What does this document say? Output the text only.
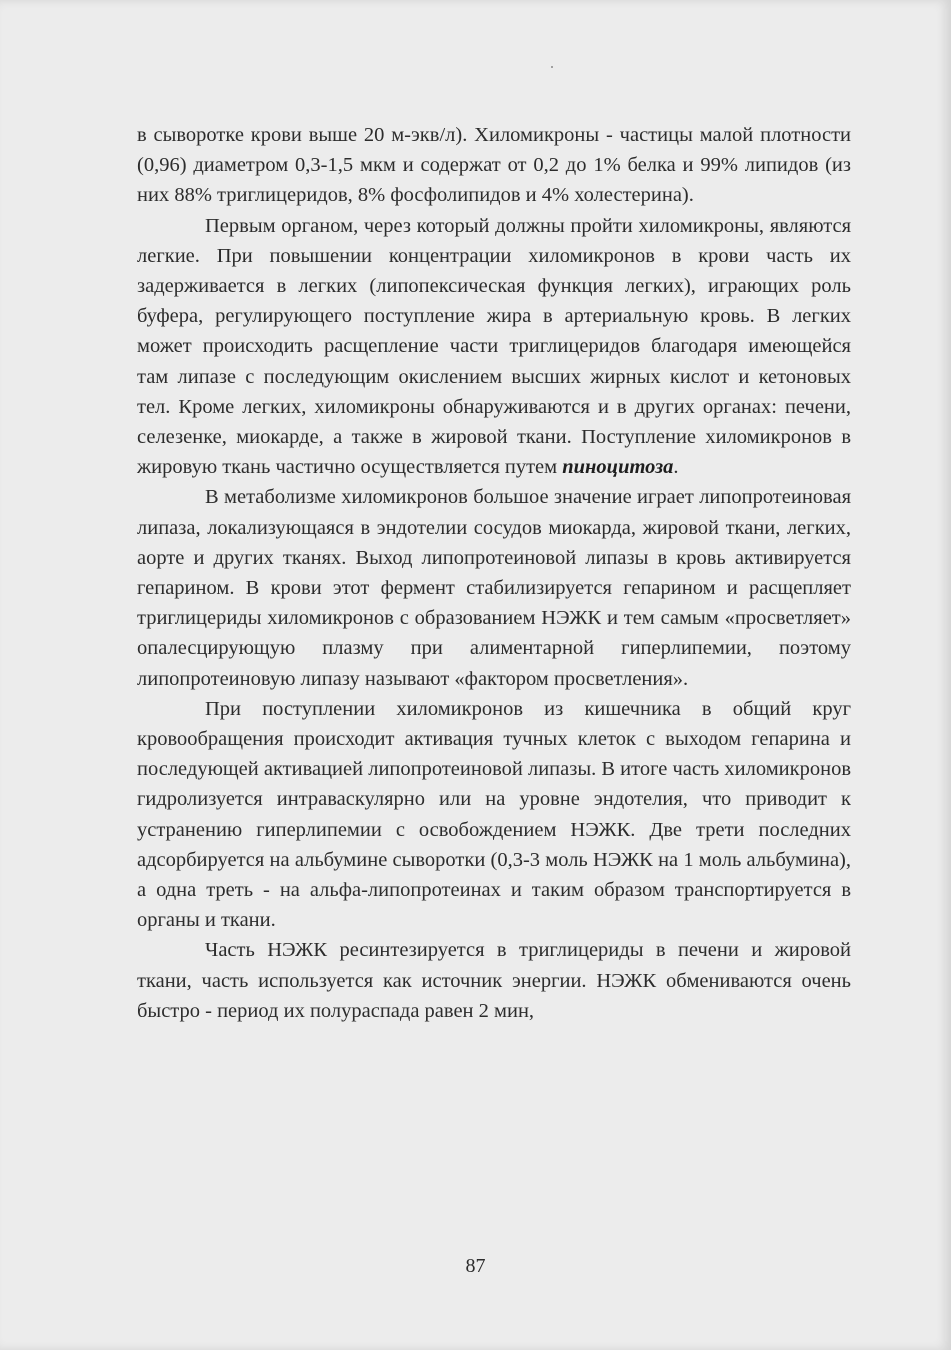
в сыворотке крови выше 20 м-экв/л). Хиломикроны - частицы малой плотности (0,96) диаметром 0,3-1,5 мкм и содержат от 0,2 до 1% белка и 99% липидов (из них 88% триглицеридов, 8% фосфолипидов и 4% холестерина).

Первым органом, через который должны пройти хиломикроны, являются легкие. При повышении концентрации хиломикронов в крови часть их задерживается в легких (липопексическая функция легких), играющих роль буфера, регулирующего поступление жира в артериальную кровь. В легких может происходить расщепление части триглицеридов благодаря имеющейся там липазе с последующим окислением высших жирных кислот и кетоновых тел. Кроме легких, хиломикроны обнаруживаются и в других органах: печени, селезенке, миокарде, а также в жировой ткани. Поступление хиломикронов в жировую ткань частично осуществляется путем пиноцитоза.

В метаболизме хиломикронов большое значение играет липопротеиновая липаза, локализующаяся в эндотелии сосудов миокарда, жировой ткани, легких, аорте и других тканях. Выход липопротеиновой липазы в кровь активируется гепарином. В крови этот фермент стабилизируется гепарином и расщепляет триглицериды хиломикронов с образованием НЭЖК и тем самым «просветляет» опалесцирующую плазму при алиментарной гиперлипемии, поэтому липопротеиновую липазу называют «фактором просветления».

При поступлении хиломикронов из кишечника в общий круг кровообращения происходит активация тучных клеток с выходом гепарина и последующей активацией липопротеиновой липазы. В итоге часть хиломикронов гидролизуется интраваскулярно или на уровне эндотелия, что приводит к устранению гиперлипемии с освобождением НЭЖК. Две трети последних адсорбируется на альбумине сыворотки (0,3-3 моль НЭЖК на 1 моль альбумина), а одна треть - на альфа-липопротеинах и таким образом транспортируется в органы и ткани.

Часть НЭЖК ресинтезируется в триглицериды в печени и жировой ткани, часть используется как источник энергии. НЭЖК обмениваются очень быстро - период их полураспада равен 2 мин,

87
